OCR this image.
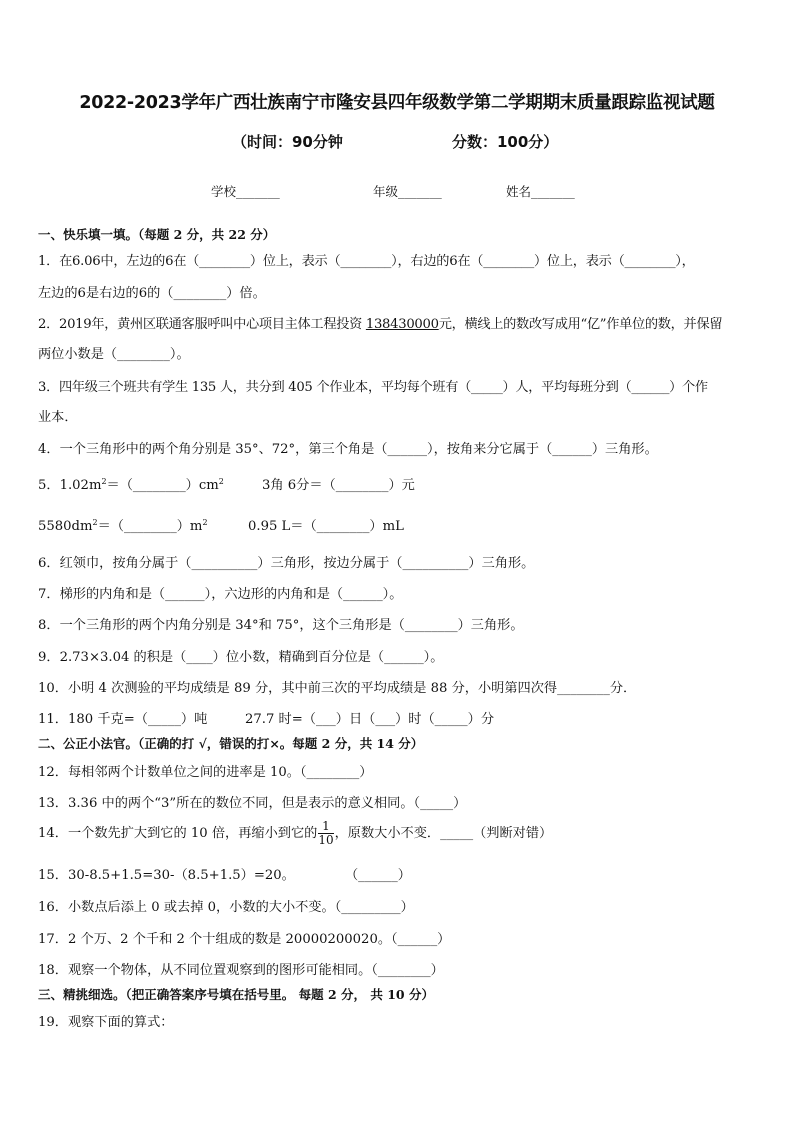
2022-2023学年广西壮族南宁市隆安县四年级数学第二学期期末质量跟踪监视试题
（时间：90分钟	分数：100分）
学校_______	年级_______	姓名_______
一、快乐填一填。（每题 2 分，共 22 分）
1．在6.06中，左边的6在（________）位上，表示（________），右边的6在（________）位上，表示（________），
左边的6是右边的6的（________）倍。
2．2019年，黄州区联通客服呼叫中心项目主体工程投资 138430000元，横线上的数改写成用“亿”作单位的数，并保留
两位小数是（________）。
3．四年级三个班共有学生 135 人，共分到 405 个作业本，平均每个班有（_____）人，平均每班分到（______）个作
业本．
4．一个三角形中的两个角分别是 35°、72°，第三个角是（______），按角来分它属于（______）三角形。
5．$1.02m^2=(\_\_\_\_\_\_\_\_)cm^2$	3角 6分＝（________）元
$5580dm^2=(\_\_\_\_\_\_\_\_)m^2$	0.95 L＝（________）mL
6．红领巾，按角分属于（__________）三角形，按边分属于（__________）三角形。
7．梯形的内角和是（______），六边形的内角和是（______）。
8．一个三角形的两个内角分别是 34°和 75°，这个三角形是（________）三角形。
9．2.73×3.04 的积是（____）位小数，精确到百分位是（______）。
10．小明 4 次测验的平均成绩是 89 分，其中前三次的平均成绩是 88 分，小明第四次得________分．
11．180 千克=（_____）吨	27.7 时=（___）日（___）时（_____）分
二、公正小法官。（正确的打 √，错误的打×。每题 2 分，共 14 分）
12．每相邻两个计数单位之间的进率是 10。（________）
13．3.36 中的两个“3”所在的数位不同，但是表示的意义相同。（_____）
14．一个数先扩大到它的 10 倍，再缩小到它的 $\frac{1}{10}$ ，原数大小不变．_____（判断对错）
15．30-8.5+1.5=30-（8.5+1.5）=20。	（______）
16．小数点后添上 0 或去掉 0，小数的大小不变。（_________）
17．2 个万、2 个千和 2 个十组成的数是 20000200020。（______）
18．观察一个物体，从不同位置观察到的图形可能相同。（________）
三、精挑细选。（把正确答案序号填在括号里。 每题 2 分， 共 10 分）
19．观察下面的算式：
